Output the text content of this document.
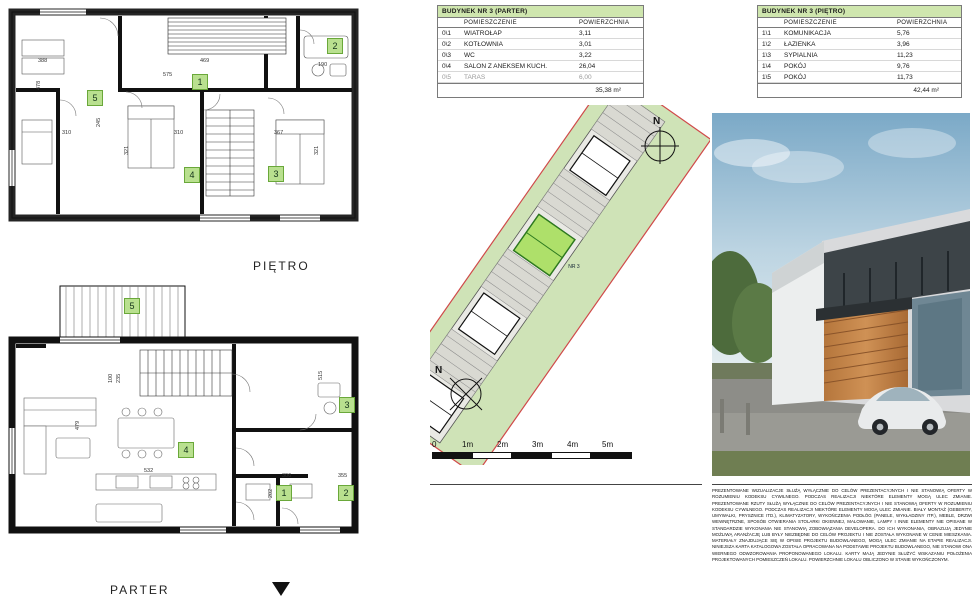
1
2
3
4
5
388	469
575
190
478
310	310	367
321	321
245
PIĘTRO
5
3
4
1	2
100 235	515
479
532
306	355
202
PARTER
BUDYNEK NR 3 (PARTER)
POMIESZCZENIE	POWIERZCHNIA
0\1	WIATROŁAP	3,11
0\2	KOTŁOWNIA	3,01
0\3	WC	3,22
0\4	SALON Z ANEKSEM KUCH.	26,04
0\5	TARAS	6,00
35,38 m²
BUDYNEK NR 3 (PIĘTRO)
POMIESZCZENIE	POWIERZCHNIA
1\1	KOMUNIKACJA	5,76
1\2	ŁAZIENKA	3,96
1\3	SYPIALNIA	11,23
1\4	POKÓJ	9,76
1\5	POKÓJ	11,73
42,44 m²
NR 3
N
N
0	1m	2m	3m	4m	5m
PREZENTOWANE WIZUALIZACJE SŁUŻĄ WYŁĄCZNIE DO CELÓW PREZENTACYJNYCH I NIE STANOWIĄ OFERTY W ROZUMIENIU KODEKSU CYWILNEGO. PODCZAS REALIZACJI NIEKTÓRE ELEMENTY MOGĄ ULEC ZMIANIE. PREZENTOWANE RZUTY SŁUŻĄ WYŁĄCZNIE DO CELÓW PREZENTACYJNYCH I NIE STANOWIĄ OFERTY W ROZUMIENIU KODEKSU CYWILNEGO. PODCZAS REALIZACJI NIEKTÓRE ELEMENTY MOGĄ ULEC ZMIANIE. BIAŁY MONTAŻ (GEBERITY, UMYWALKI, PRYSZNICE ITD.), KLIMATYZATORY, WYKOŃCZENIA PODŁÓG (PANELE, WYKŁADZINY ITP.), MEBLE, DRZWI WEWNĘTRZNE, SPOSÓB OTWIERANIA STOLARKI OKIENNEJ, MALOWANIE, LAMPY I INNE ELEMENTY NIE OPISANE W STANDARDZIE WYKONANIA NIE STANOWIĄ ZOBOWIĄZANIA DEVELOPERA. DO ICH WYKONANIA, OBRAZUJĄ JEDYNIE MOŻLIWĄ ARANŻACJĘ LUB BYŁY NIEZBĘDNE DO CELÓW PROJEKTU I NIE ZOSTAŁA WYKONANE W CENIE MIESZKANIA. MATERIAŁY ZNAJDUJĄCE SIĘ W OPISIE PROJEKTU BUDOWLANEGO, MOGĄ ULEC ZMIANIE NA ETAPIE REALIZACJI. NINIEJSZA KARTA KATALOGOWA ZOSTAŁA OPRACOWANA NA PODSTAWIE PROJEKTU BUDOWLANEGO, NIE STANOWI ONA WIERNEGO ODWZOROWANIA PROPONOWANEGO LOKALU. KARTY MAJĄ JEDYNIE SŁUŻYĆ WSKAZANIU POŁOŻENIA PROJEKTOWANYCH POMIESZCZEŃ LOKALU. POWIERZCHNIE LOKALU OBLICZONO W STANIE WYKOŃCZONYM.
